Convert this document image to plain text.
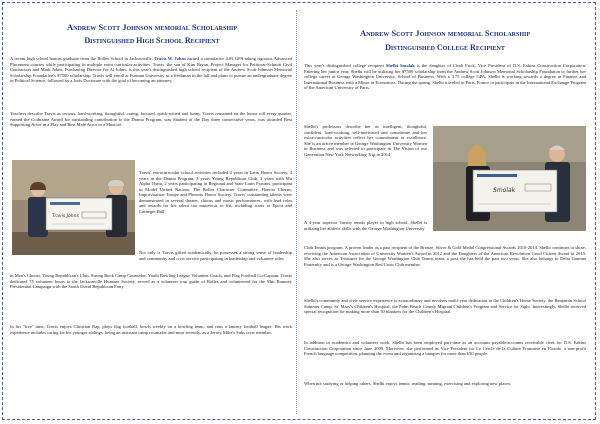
Andrew Scott Johnson memorial Scholarship
Distinguished High School Recipient

A recent high school honors graduate from the Bolles School in Jacksonville, Travis W. Johns earned a cumulative 4.05 GPA taking rigorous Advanced Placement courses while participating in multiple extra curricular activities. Travis, the son of Kim Bryan, Project Manager for Petticoat-Schmitt Civil Contractors and Mark Johns, Purchasing Director for Al Johns, is this year's distinguished high school recipient of the Andrew Scott Johnson Memorial Scholarship Foundation's $7500 scholarship. Travis will enroll at Furman University as a freshman in the fall and plans to pursue an undergraduate degree in Political Science, followed by a Juris Doctorate with the goal of becoming an attorney.

Teachers describe Travis as serious, hard-working, thoughtful, caring, focused, quick-witted and funny. Travis remained on the honor roll every quarter, earned the Cothraine Award for outstanding contribution to the Drama Program, was Student of the Day three consecutive years, was awarded Best Supporting Actor in a Play and Best Male Actor in a Musical.

Travis Johns

Travis' extracurricular school activities included 4 years in Latin Honor Society, 4 years in the Drama Program, 3 years Young Republican Club, 3 years with Mu Alpha Theta, 2 years participating in Regional and State Latin Forums, participant in Model United Nations, The Bolles Character Committee, Honors Chorus, Improvisation Troupe and Phoenix Honor Society. Travis' outstanding talents were demonstrated in several theater, chorus and music performances, with lead roles and awards for his talent too numerous to list, including starts at Epcot and Carnegie Hall.

Not only is Travis gifted academically, he possesses a strong sense of leadership and community and civic service participating in leadership and volunteer roles

in Men's Chorus, Young Republican's Club, Strong Rock Camp Counselor, Youth Bowling League Volunteer Coach, and Flag Football Co-Captain. Travis dedicated 75 volunteer hours to the Jacksonville Humane Society, served as a volunteer tour guide of Bolles and volunteered for the Mitt Romney Presidential Campaign with the South Duval Republican Party.

In his "free" time, Travis enjoys Christian Rap, plays flag football, bowls weekly on a bowling team, and runs a fantasy football league. His work experience includes caring for his younger siblings, being an assistant camp counselor and most recently, as a Jersey Mike's Subs crew member.

Andrew Scott Johnson memorial Scholarship
Distinguished College Recipient

This year's distinguished college recipient Shelbi Smolak is the daughter of Cindi Frick, Vice President of D.S. Eakins Construction Corporation. Entering her junior year, Shelbi will be utilizing her $7500 scholarship from the Andrew Scott Johnson Memorial Scholarship Foundation to further her college career at George Washington University, School of Business. With a 3.75 college GPA, Shelbi is working towards a degree in Finance and International Business with a Minor in Economics. During the spring, Shelbi traveled to Paris, France to participate in the International Exchange Program of the American University of Paris.

Shelbi's professors describe her as intelligent, thoughtful, confident, hard-working, self-motivated and considerate and her extra-curricular activities reflect her commitment to excellence. She is an active member in George Washington University Women in Business and was selected to participate in The Vision of our Generation New York Networking Trip in 2014.

Smolak

A 4-year superior Varsity tennis player in high school, Shelbi is utilizing her athletic skills with the George Washington University

Club Tennis program. A proven leader as a past recipient of the Bronze, Silver & Gold Medal Congressional Awards 2010-2014, Shelbi continues to shine, receiving the American Association of University Women's Award in 2012 and the Daughters of the American Revolution Good Citizen Award in 2013. She also serves as Treasurer for the George Washington Club Tennis team, a post she has held the past two years. She also belongs to Delta Gamma Fraternity and is a George Washington Red Cross Club member.

Shelbi's community and civic service experience is extraordinary and involves multi-year dedication to the Children's Home Society, the Benjamin School Summer Camp, St. Mary's Children's Hospital, the Palm Beach County Migrant Children's Program and Service for Sight. Interestingly, Shelbi received special recognition for making more than 50 blankets for the Children's Hospital.

In addition to academics and volunteer work, Shelbi has been employed part-time as an accounts payable/accounts receivable clerk for D.S. Eakins Construction Corporation since June 2009. Moreover, she performed as Vice President for Le Cercle de la Culture Francaise en Floride, a non-profit French language competition, planning the event and organizing a banquet for more than 650 people.

When not studying or helping others, Shelbi enjoys tennis, reading, running, exercising and exploring new places.
